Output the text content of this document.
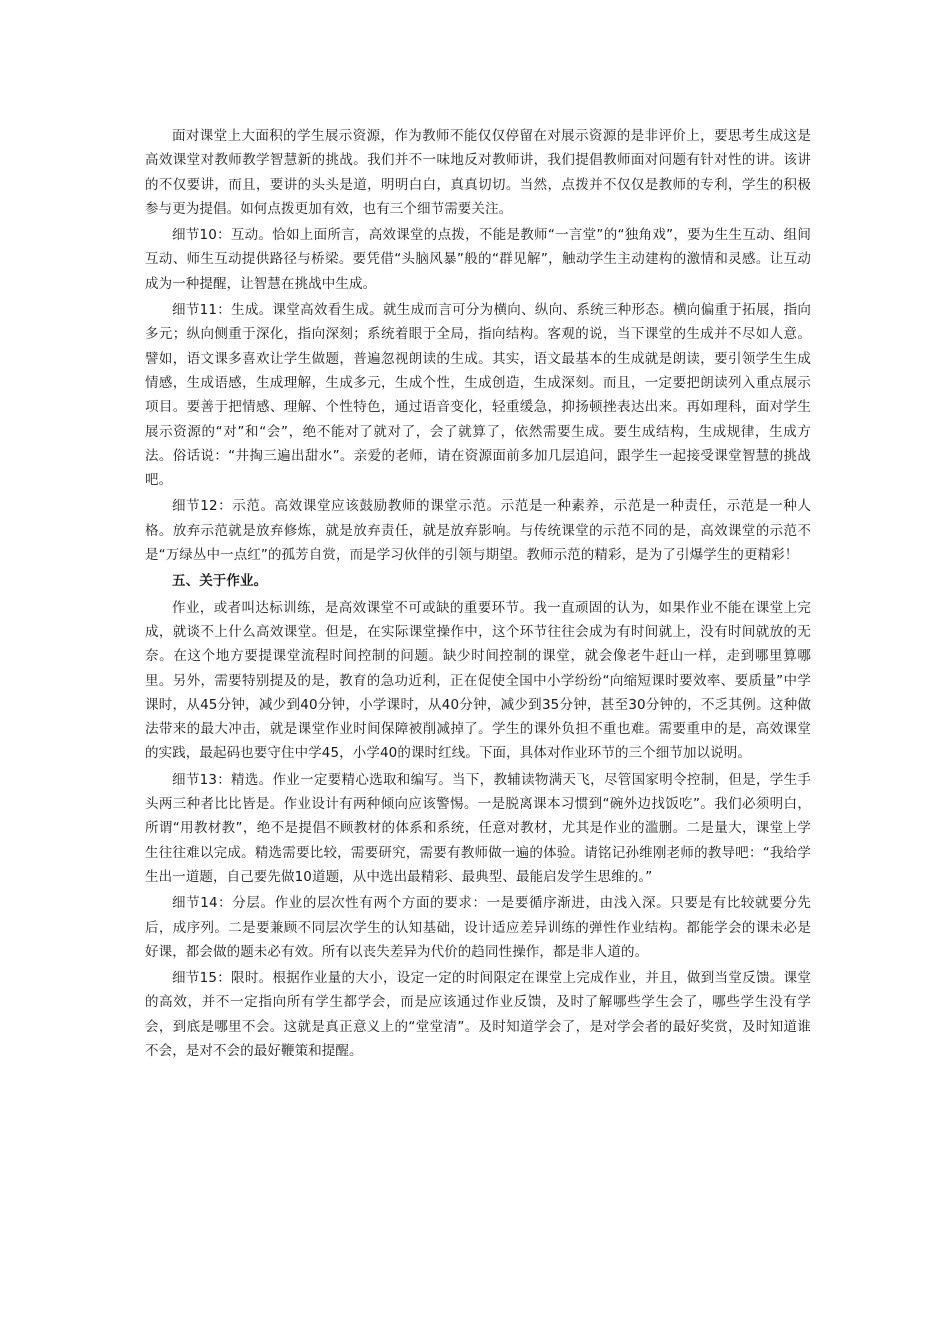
面对课堂上大面积的学生展示资源，作为教师不能仅仅停留在对展示资源的是非评价上，要思考生成这是高效课堂对教师教学智慧新的挑战。我们并不一味地反对教师讲，我们提倡教师面对问题有针对性的讲。该讲的不仅要讲，而且，要讲的头头是道，明明白白，真真切切。当然，点拨并不仅仅是教师的专利，学生的积极参与更为提倡。如何点拨更加有效，也有三个细节需要关注。

细节10：互动。恰如上面所言，高效课堂的点拨，不能是教师“一言堂”的“独角戏”，要为生生互动、组间互动、师生互动提供路径与桥梁。要凭借“头脑风暴”般的“群见解”，触动学生主动建构的激情和灵感。让互动成为一种提醒，让智慧在挑战中生成。

细节11：生成。课堂高效看生成。就生成而言可分为横向、纵向、系统三种形态。横向偏重于拓展，指向多元；纵向侧重于深化，指向深刻；系统着眼于全局，指向结构。客观的说，当下课堂的生成并不尽如人意。譬如，语文课多喜欢让学生做题，普遍忽视朗读的生成。其实，语文最基本的生成就是朗读，要引领学生生成情感，生成语感，生成理解，生成多元，生成个性，生成创造，生成深刻。而且，一定要把朗读列入重点展示项目。要善于把情感、理解、个性特色，通过语音变化，轻重缓急，抑扬顿挫表达出来。再如理科，面对学生展示资源的“对”和“会”，绝不能对了就对了，会了就算了，依然需要生成。要生成结构，生成规律，生成方法。俗话说：“井掏三遍出甜水”。亲爱的老师，请在资源面前多加几层追问，跟学生一起接受课堂智慧的挑战吧。

细节12：示范。高效课堂应该鼓励教师的课堂示范。示范是一种素养，示范是一种责任，示范是一种人格。放弃示范就是放弃修炼，就是放弃责任，就是放弃影响。与传统课堂的示范不同的是，高效课堂的示范不是“万绿丛中一点红”的孤芳自赏，而是学习伙伴的引领与期望。教师示范的精彩，是为了引爆学生的更精彩！

五、关于作业。

作业，或者叫达标训练，是高效课堂不可或缺的重要环节。我一直顽固的认为，如果作业不能在课堂上完成，就谈不上什么高效课堂。但是，在实际课堂操作中，这个环节往往会成为有时间就上，没有时间就放的无奈。在这个地方要提课堂流程时间控制的问题。缺少时间控制的课堂，就会像老牛赶山一样，走到哪里算哪里。另外，需要特别提及的是，教育的急功近利，正在促使全国中小学纷纷“向缩短课时要效率、要质量”中学课时，从45分钟，减少到40分钟，小学课时，从40分钟，减少到35分钟，甚至30分钟的，不乏其例。这种做法带来的最大冲击，就是课堂作业时间保障被削减掉了。学生的课外负担不重也难。需要重申的是，高效课堂的实践，最起码也要守住中学45，小学40的课时红线。下面，具体对作业环节的三个细节加以说明。

细节13：精选。作业一定要精心选取和编写。当下，教辅读物满天飞，尽管国家明令控制，但是，学生手头两三种者比比皆是。作业设计有两种倾向应该警惕。一是脱离课本习惯到“碗外边找饭吃”。我们必须明白，所谓“用教材教”，绝不是提倡不顾教材的体系和系统，任意对教材，尤其是作业的滥删。二是量大，课堂上学生往往难以完成。精选需要比较，需要研究，需要有教师做一遍的体验。请铭记孙维刚老师的教导吧：“我给学生出一道题，自己要先做10道题，从中选出最精彩、最典型、最能启发学生思维的。”

细节14：分层。作业的层次性有两个方面的要求：一是要循序渐进，由浅入深。只要是有比较就要分先后，成序列。二是要兼顾不同层次学生的认知基础，设计适应差异训练的弹性作业结构。都能学会的课未必是好课，都会做的题未必有效。所有以丧失差异为代价的趋同性操作，都是非人道的。

细节15：限时。根据作业量的大小，设定一定的时间限定在课堂上完成作业，并且，做到当堂反馈。课堂的高效，并不一定指向所有学生都学会，而是应该通过作业反馈，及时了解哪些学生会了，哪些学生没有学会，到底是哪里不会。这就是真正意义上的“堂堂清”。及时知道学会了，是对学会者的最好奖赏，及时知道谁不会，是对不会的最好鞭策和提醒。
